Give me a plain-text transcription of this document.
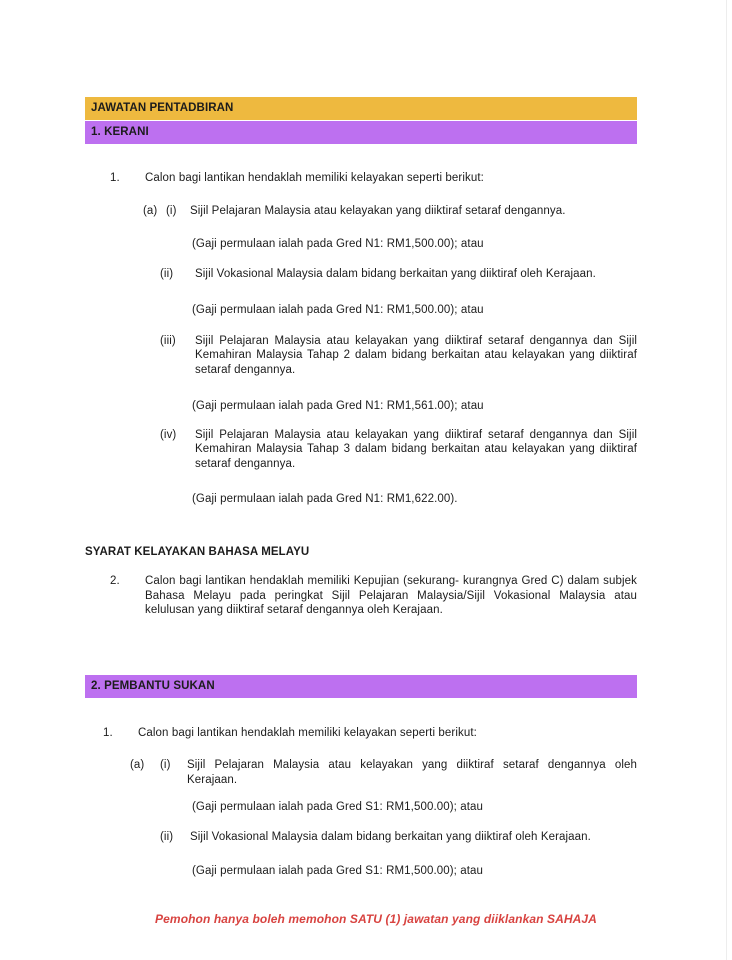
JAWATAN PENTADBIRAN
1. KERANI
1.	Calon bagi lantikan hendaklah memiliki kelayakan seperti berikut:
(a) (i)	Sijil Pelajaran Malaysia atau kelayakan yang diiktiraf setaraf dengannya.
(Gaji permulaan ialah pada Gred N1: RM1,500.00); atau
(ii)	Sijil Vokasional Malaysia dalam bidang berkaitan yang diiktiraf oleh Kerajaan.
(Gaji permulaan ialah pada Gred N1: RM1,500.00); atau
(iii)	Sijil Pelajaran Malaysia atau kelayakan yang diiktiraf setaraf dengannya dan Sijil Kemahiran Malaysia Tahap 2 dalam bidang berkaitan atau kelayakan yang diiktiraf setaraf dengannya.
(Gaji permulaan ialah pada Gred N1: RM1,561.00); atau
(iv)	Sijil Pelajaran Malaysia atau kelayakan yang diiktiraf setaraf dengannya dan Sijil Kemahiran Malaysia Tahap 3 dalam bidang berkaitan atau kelayakan yang diiktiraf setaraf dengannya.
(Gaji permulaan ialah pada Gred N1: RM1,622.00).
SYARAT KELAYAKAN BAHASA MELAYU
2.	Calon bagi lantikan hendaklah memiliki Kepujian (sekurang- kurangnya Gred C) dalam subjek Bahasa Melayu pada peringkat Sijil Pelajaran Malaysia/Sijil Vokasional Malaysia atau kelulusan yang diiktiraf setaraf dengannya oleh Kerajaan.
2. PEMBANTU SUKAN
1.	Calon bagi lantikan hendaklah memiliki kelayakan seperti berikut:
(a)	(i)	Sijil Pelajaran Malaysia atau kelayakan yang diiktiraf setaraf dengannya oleh Kerajaan.
(Gaji permulaan ialah pada Gred S1: RM1,500.00); atau
(ii)	Sijil Vokasional Malaysia dalam bidang berkaitan yang diiktiraf oleh Kerajaan.
(Gaji permulaan ialah pada Gred S1: RM1,500.00); atau
Pemohon hanya boleh memohon SATU (1) jawatan yang diiklankan SAHAJA
